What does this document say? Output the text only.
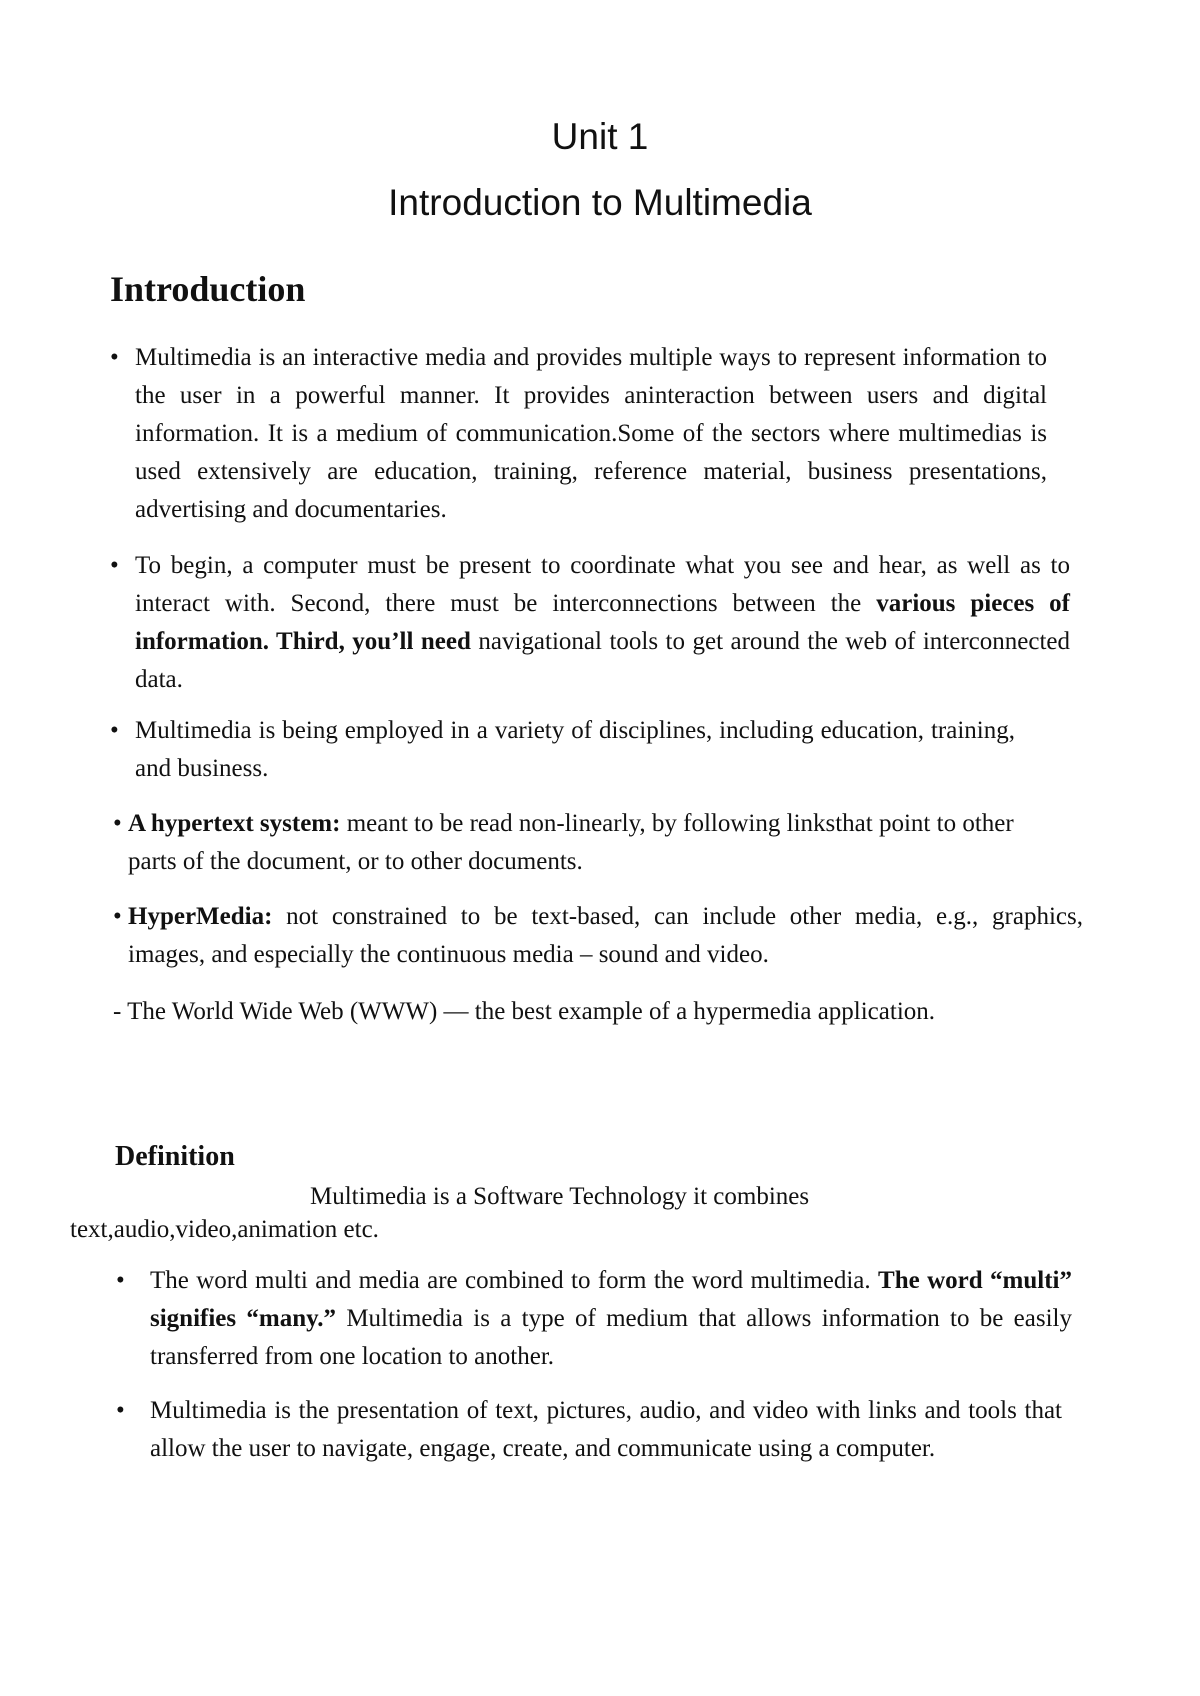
Unit 1
Introduction to Multimedia
Introduction
• Multimedia is an interactive media and provides multiple ways to represent information to the user in a powerful manner. It provides aninteraction between users and digital information. It is a medium of communication.Some of the sectors where multimedias is used extensively are education, training, reference material, business presentations, advertising and documentaries.

• To begin, a computer must be present to coordinate what you see and hear, as well as to interact with. Second, there must be interconnections between the various pieces of information. Third, you’ll need navigational tools to get around the web of interconnected data.

• Multimedia is being employed in a variety of disciplines, including education, training, and business.

• A hypertext system: meant to be read non-linearly, by following linksthat point to other parts of the document, or to other documents.

• HyperMedia: not constrained to be text-based, can include other media, e.g., graphics, images, and especially the continuous media – sound and video.

- The World Wide Web (WWW) — the best example of a hypermedia application.

Definition
Multimedia is a Software Technology it combines
text,audio,video,animation etc.
• The word multi and media are combined to form the word multimedia. The word “multi” signifies “many.” Multimedia is a type of medium that allows information to be easily transferred from one location to another.

• Multimedia is the presentation of text, pictures, audio, and video with links and tools that allow the user to navigate, engage, create, and communicate using a computer.
